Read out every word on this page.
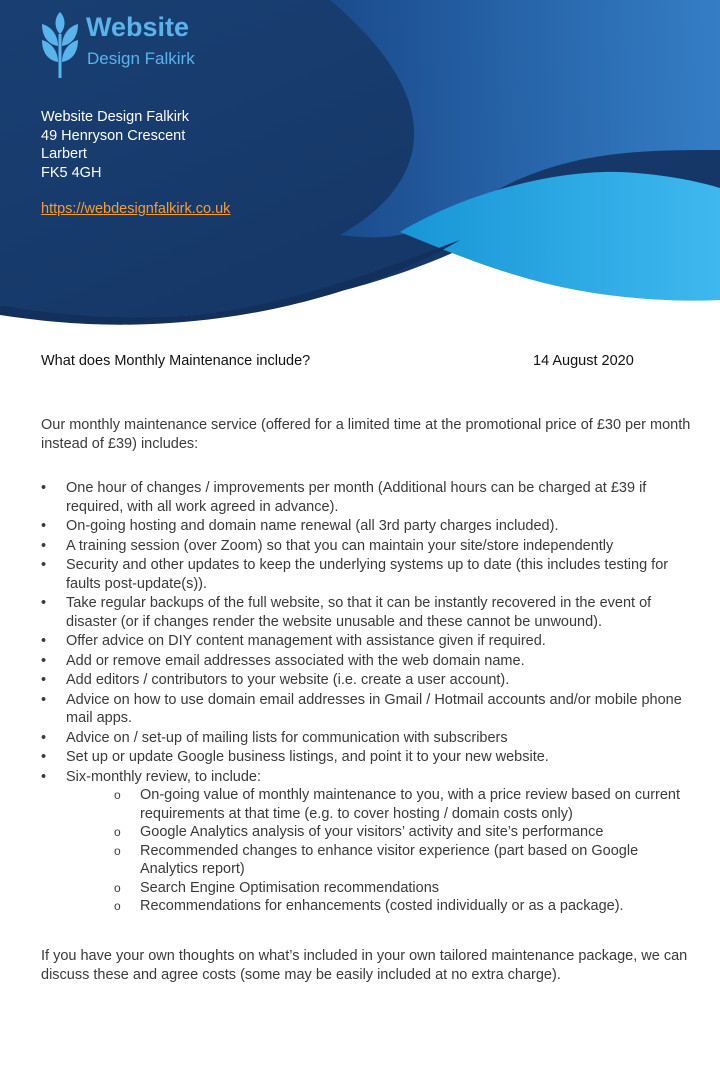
Website
Design Falkirk
Website Design Falkirk
49 Henryson Crescent
Larbert
FK5 4GH
https://webdesignfalkirk.co.uk
What does Monthly Maintenance include?	14 August 2020
Our monthly maintenance service (offered for a limited time at the promotional price of £30 per month instead of £39) includes:
• One hour of changes / improvements per month (Additional hours can be charged at £39 if required, with all work agreed in advance).
• On-going hosting and domain name renewal (all 3rd party charges included).
• A training session (over Zoom) so that you can maintain your site/store independently
• Security and other updates to keep the underlying systems up to date (this includes testing for faults post-update(s)).
• Take regular backups of the full website, so that it can be instantly recovered in the event of disaster (or if changes render the website unusable and these cannot be unwound).
• Offer advice on DIY content management with assistance given if required.
• Add or remove email addresses associated with the web domain name.
• Add editors / contributors to your website (i.e. create a user account).
• Advice on how to use domain email addresses in Gmail / Hotmail accounts and/or mobile phone mail apps.
• Advice on / set-up of mailing lists for communication with subscribers
• Set up or update Google business listings, and point it to your new website.
• Six-monthly review, to include:
o On-going value of monthly maintenance to you, with a price review based on current requirements at that time (e.g. to cover hosting / domain costs only)
o Google Analytics analysis of your visitors’ activity and site’s performance
o Recommended changes to enhance visitor experience (part based on Google Analytics report)
o Search Engine Optimisation recommendations
o Recommendations for enhancements (costed individually or as a package).
If you have your own thoughts on what’s included in your own tailored maintenance package, we can discuss these and agree costs (some may be easily included at no extra charge).
